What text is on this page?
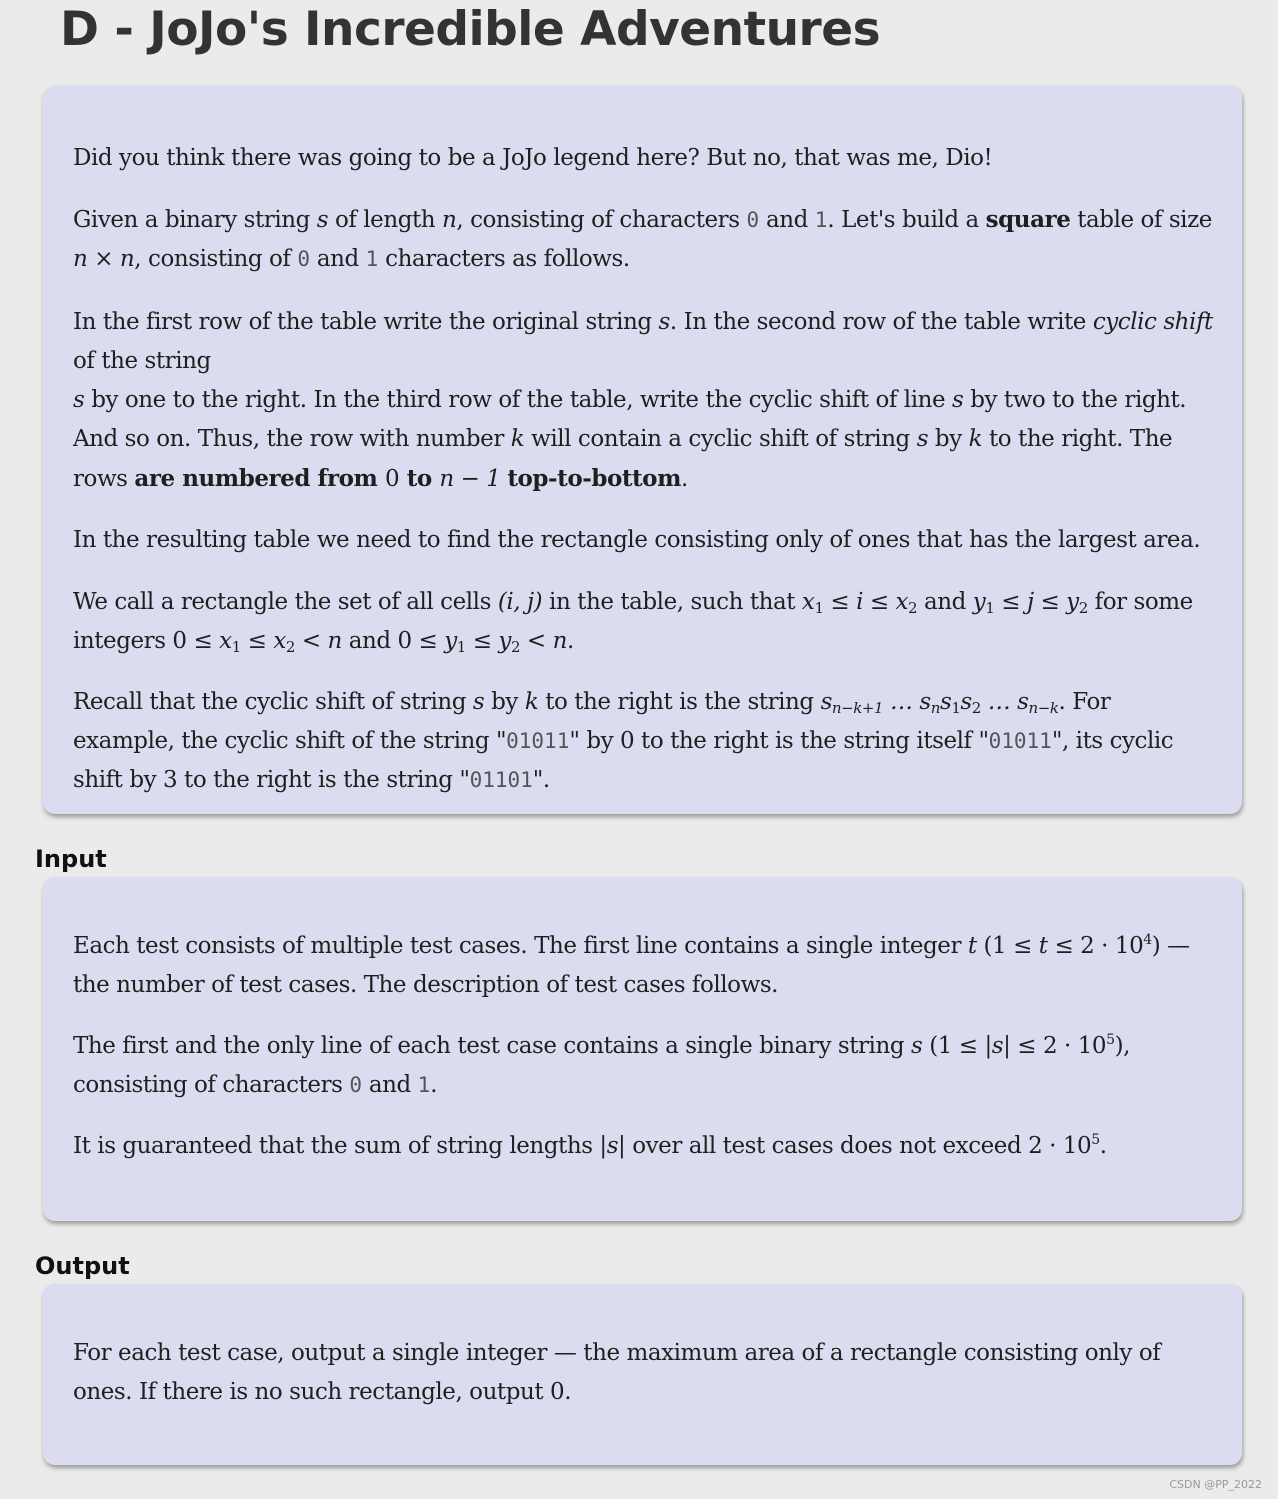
D - JoJo's Incredible Adventures

Did you think there was going to be a JoJo legend here? But no, that was me, Dio!

Given a binary string s of length n, consisting of characters 0 and 1. Let's build a square table of size
n × n, consisting of 0 and 1 characters as follows.

In the first row of the table write the original string s. In the second row of the table write cyclic shift of the string
s by one to the right. In the third row of the table, write the cyclic shift of line s by two to the right. And so on. Thus, the row with number k will contain a cyclic shift of string s by k to the right. The rows are numbered from 0 to n − 1 top-to-bottom.

In the resulting table we need to find the rectangle consisting only of ones that has the largest area.

We call a rectangle the set of all cells (i, j) in the table, such that $x_1 \le i \le x_2$ and $y_1 \le j \le y_2$ for some integers $0 \le x_1 \le x_2 < n$ and $0 \le y_1 \le y_2 < n$.

Recall that the cyclic shift of string s by k to the right is the string $s_{n-k+1}$ … $s_ns_1s_2$ … $s_{n-k}$. For example, the cyclic shift of the string "01011" by 0 to the right is the string itself "01011", its cyclic shift by 3 to the right is the string "01101".

Input

Each test consists of multiple test cases. The first line contains a single integer t $(1 \le t \le 2 \cdot 10^4)$ — the number of test cases. The description of test cases follows.

The first and the only line of each test case contains a single binary string s $(1 \le |s| \le 2 \cdot 10^5)$, consisting of characters 0 and 1.

It is guaranteed that the sum of string lengths |s| over all test cases does not exceed $2 \cdot 10^5$.

Output

For each test case, output a single integer — the maximum area of a rectangle consisting only of ones. If there is no such rectangle, output 0.

CSDN @PP_2022
